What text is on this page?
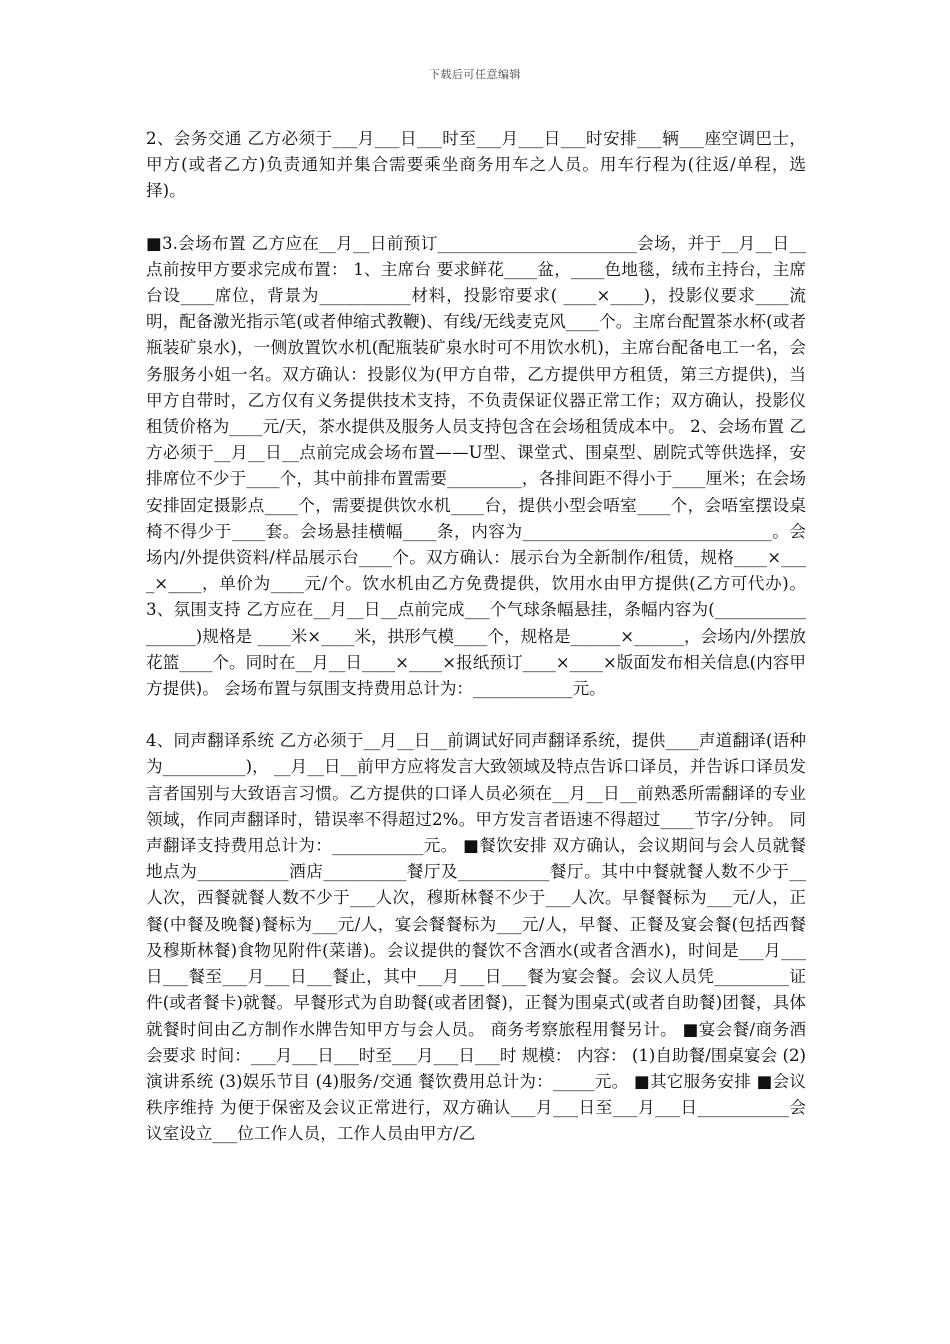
下载后可任意编辑

2、会务交通 乙方必须于___月___日___时至___月___日___时安排___辆___座空调巴士，甲方(或者乙方)负责通知并集合需要乘坐商务用车之人员。用车行程为(往返/单程，选择)。

■3.会场布置 乙方应在__月__日前预订________________________会场，并于__月__日__点前按甲方要求完成布置： 1、主席台 要求鲜花____盆，____色地毯，绒布主持台，主席台设____席位，背景为___________材料，投影帘要求( ____×____)，投影仪要求____流明，配备激光指示笔(或者伸缩式教鞭)、有线/无线麦克风____个。主席台配置茶水杯(或者瓶装矿泉水)，一侧放置饮水机(配瓶装矿泉水时可不用饮水机)，主席台配备电工一名，会务服务小姐一名。双方确认：投影仪为(甲方自带，乙方提供甲方租赁，第三方提供)，当甲方自带时，乙方仅有义务提供技术支持，不负责保证仪器正常工作；双方确认，投影仪租赁价格为____元/天，茶水提供及服务人员支持包含在会场租赁成本中。 2、会场布置 乙方必须于__月__日__点前完成会场布置——U型、课堂式、围桌型、剧院式等供选择，安排席位不少于____个，其中前排布置需要_________，各排间距不得小于____厘米；在会场安排固定摄影点____个，需要提供饮水机____台，提供小型会唔室____个，会唔室摆设桌椅不得少于____套。会场悬挂横幅____条，内容为______________________________。会场内/外提供资料/样品展示台____个。双方确认：展示台为全新制作/租赁，规格____×____×____，单价为____元/个。饮水机由乙方免费提供，饮用水由甲方提供(乙方可代办)。 3、氛围支持 乙方应在__月__日__点前完成___个气球条幅悬挂，条幅内容为(_________________)规格是 ____米×____米，拱形气模____个，规格是______×______，会场内/外摆放花篮____个。同时在__月__日____×____×报纸预订____×____×版面发布相关信息(内容甲方提供)。 会场布置与氛围支持费用总计为：____________元。

4、同声翻译系统 乙方必须于__月__日__前调试好同声翻译系统，提供____声道翻译(语种为__________)， __月__日__前甲方应将发言大致领域及特点告诉口译员，并告诉口译员发言者国别与大致语言习惯。乙方提供的口译人员必须在__月__日__前熟悉所需翻译的专业领域，作同声翻译时，错误率不得超过2%。甲方发言者语速不得超过____节字/分钟。 同声翻译支持费用总计为：___________元。 ■餐饮安排 双方确认，会议期间与会人员就餐地点为___________酒店__________餐厅及___________餐厅。其中中餐就餐人数不少于__人次，西餐就餐人数不少于___人次，穆斯林餐不少于___人次。早餐餐标为___元/人，正餐(中餐及晚餐)餐标为___元/人，宴会餐餐标为___元/人，早餐、正餐及宴会餐(包括西餐及穆斯林餐)食物见附件(菜谱)。会议提供的餐饮不含酒水(或者含酒水)，时间是___月___日___餐至___月___日___餐止，其中___月___日___餐为宴会餐。会议人员凭_________证件(或者餐卡)就餐。早餐形式为自助餐(或者团餐)，正餐为围桌式(或者自助餐)团餐，具体就餐时间由乙方制作水牌告知甲方与会人员。 商务考察旅程用餐另计。 ■宴会餐/商务酒会要求 时间：___月___日___时至___月___日___时 规模： 内容： (1)自助餐/围桌宴会 (2)演讲系统 (3)娱乐节目 (4)服务/交通 餐饮费用总计为：_____元。 ■其它服务安排 ■会议秩序维持 为便于保密及会议正常进行，双方确认___月___日至___月___日___________会议室设立___位工作人员，工作人员由甲方/乙
